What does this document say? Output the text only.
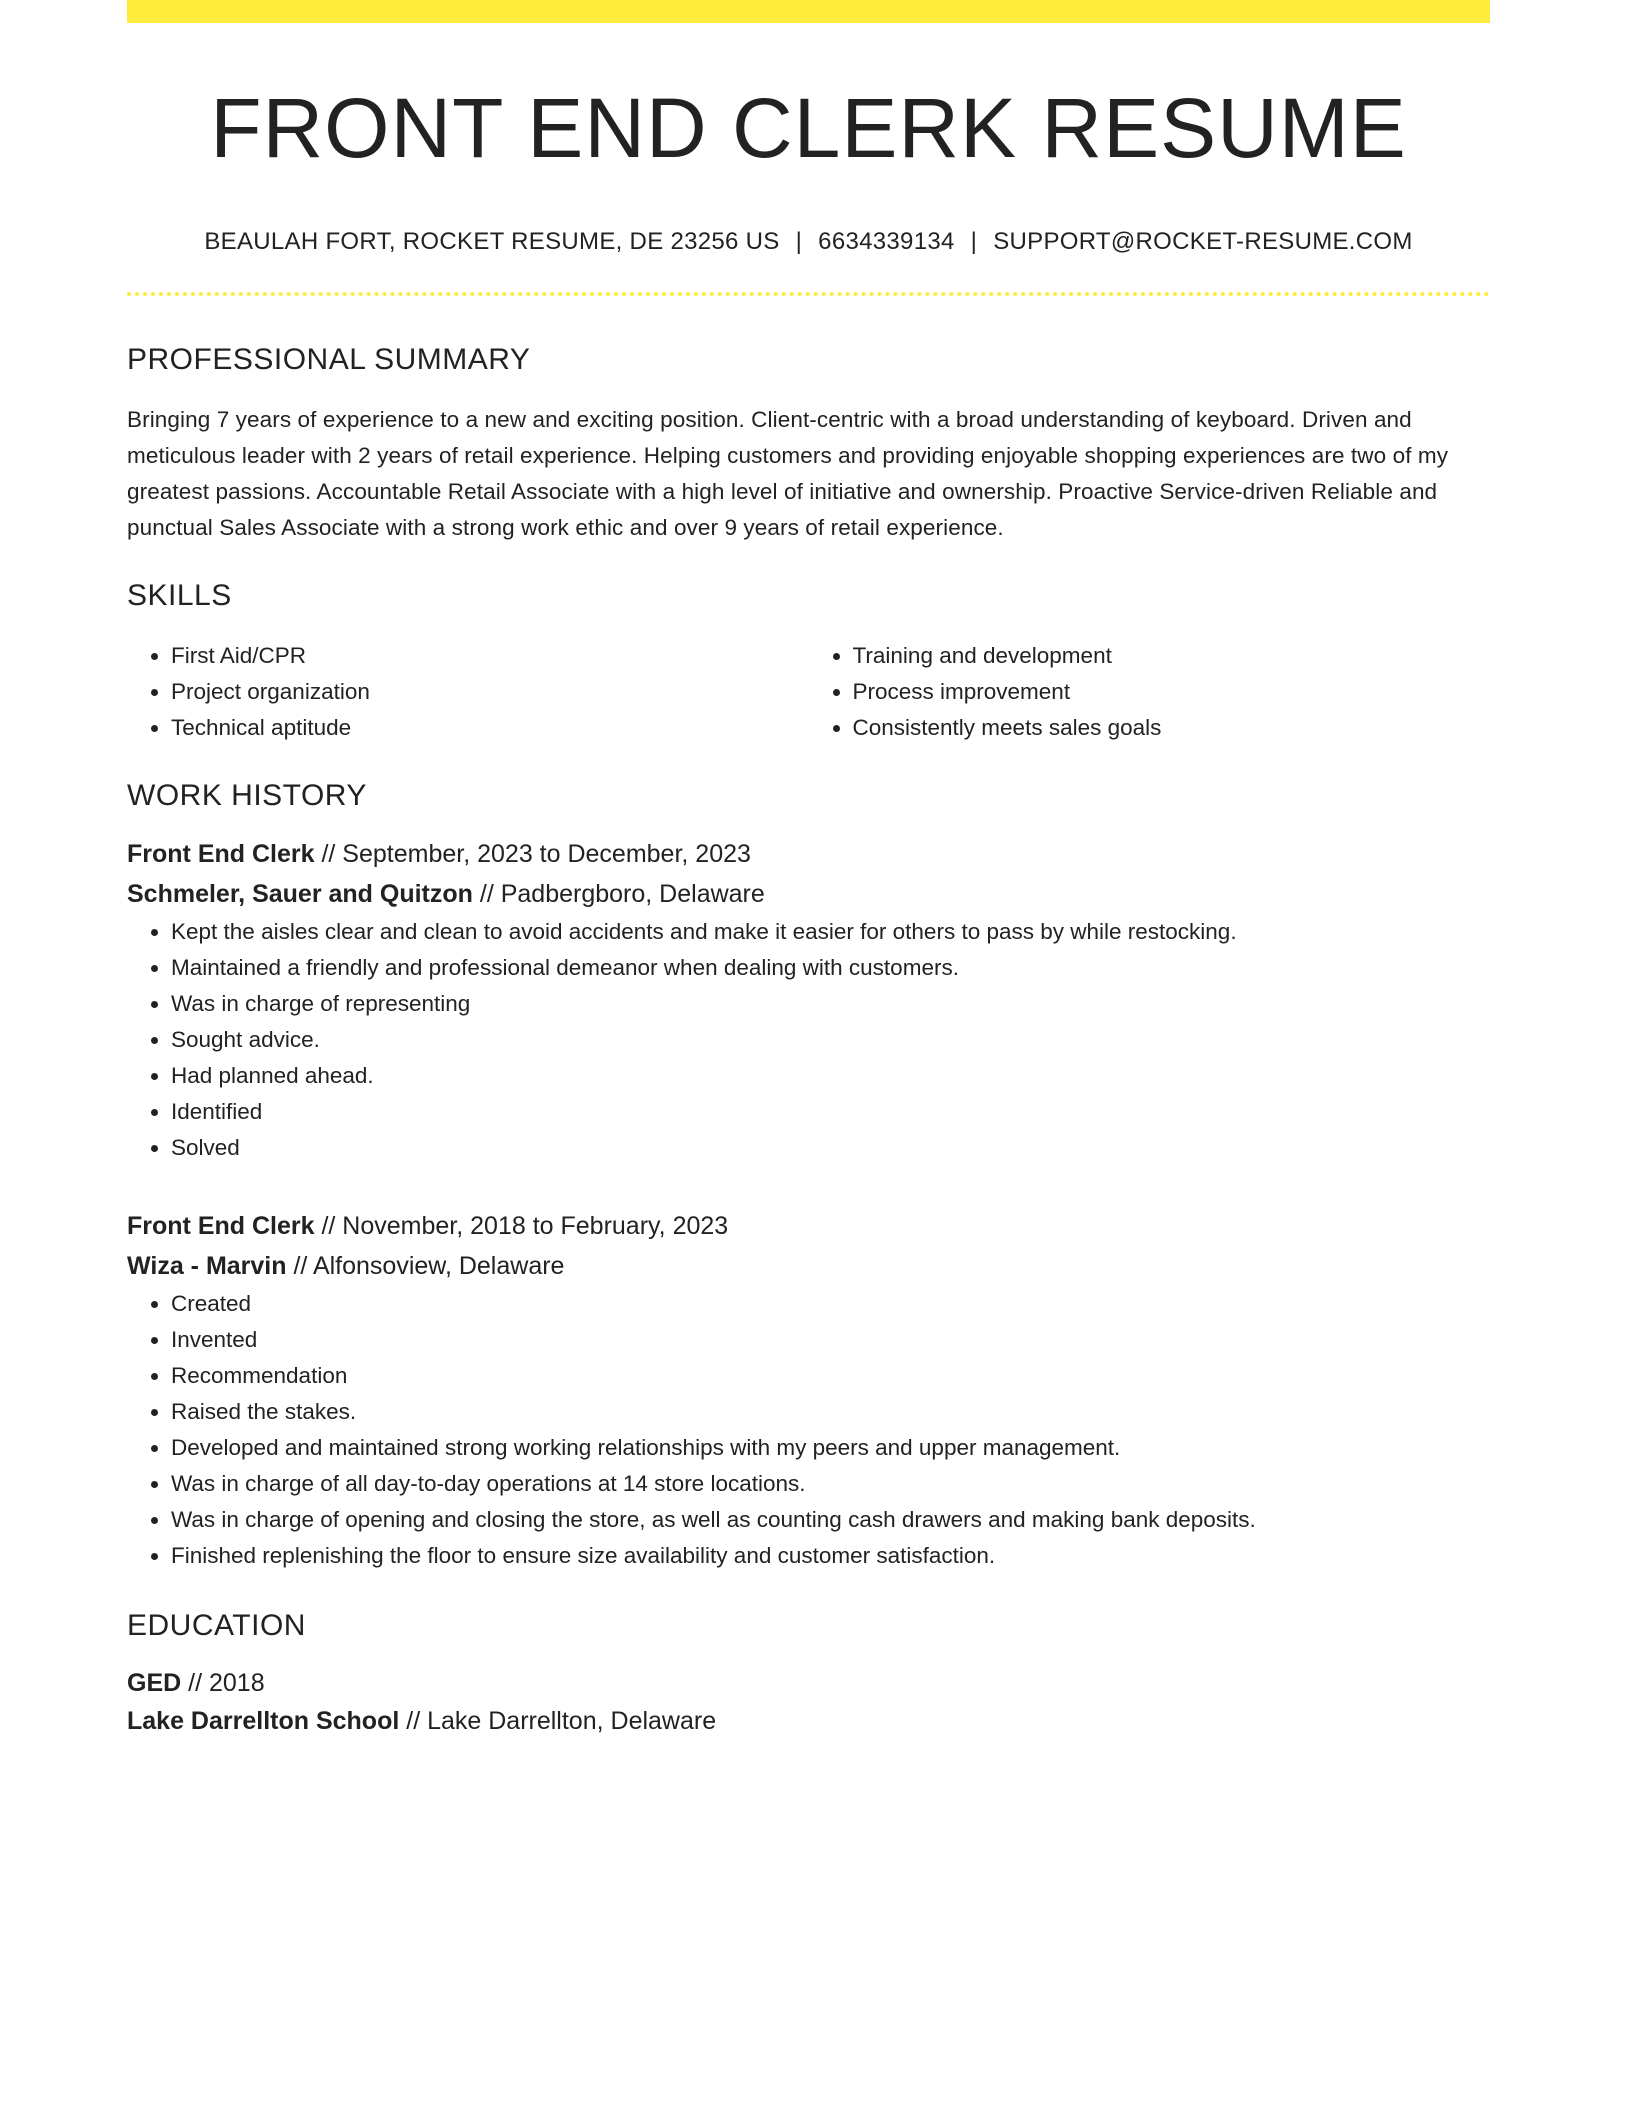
FRONT END CLERK RESUME
BEAULAH FORT, ROCKET RESUME, DE 23256 US | 6634339134 | SUPPORT@ROCKET-RESUME.COM
PROFESSIONAL SUMMARY
Bringing 7 years of experience to a new and exciting position. Client-centric with a broad understanding of keyboard. Driven and meticulous leader with 2 years of retail experience. Helping customers and providing enjoyable shopping experiences are two of my greatest passions. Accountable Retail Associate with a high level of initiative and ownership. Proactive Service-driven Reliable and punctual Sales Associate with a strong work ethic and over 9 years of retail experience.
SKILLS
• First Aid/CPR
• Project organization
• Technical aptitude
• Training and development
• Process improvement
• Consistently meets sales goals
WORK HISTORY
Front End Clerk // September, 2023 to December, 2023
Schmeler, Sauer and Quitzon // Padbergboro, Delaware
• Kept the aisles clear and clean to avoid accidents and make it easier for others to pass by while restocking.
• Maintained a friendly and professional demeanor when dealing with customers.
• Was in charge of representing
• Sought advice.
• Had planned ahead.
• Identified
• Solved
Front End Clerk // November, 2018 to February, 2023
Wiza - Marvin // Alfonsoview, Delaware
• Created
• Invented
• Recommendation
• Raised the stakes.
• Developed and maintained strong working relationships with my peers and upper management.
• Was in charge of all day-to-day operations at 14 store locations.
• Was in charge of opening and closing the store, as well as counting cash drawers and making bank deposits.
• Finished replenishing the floor to ensure size availability and customer satisfaction.
EDUCATION
GED // 2018
Lake Darrellton School // Lake Darrellton, Delaware
